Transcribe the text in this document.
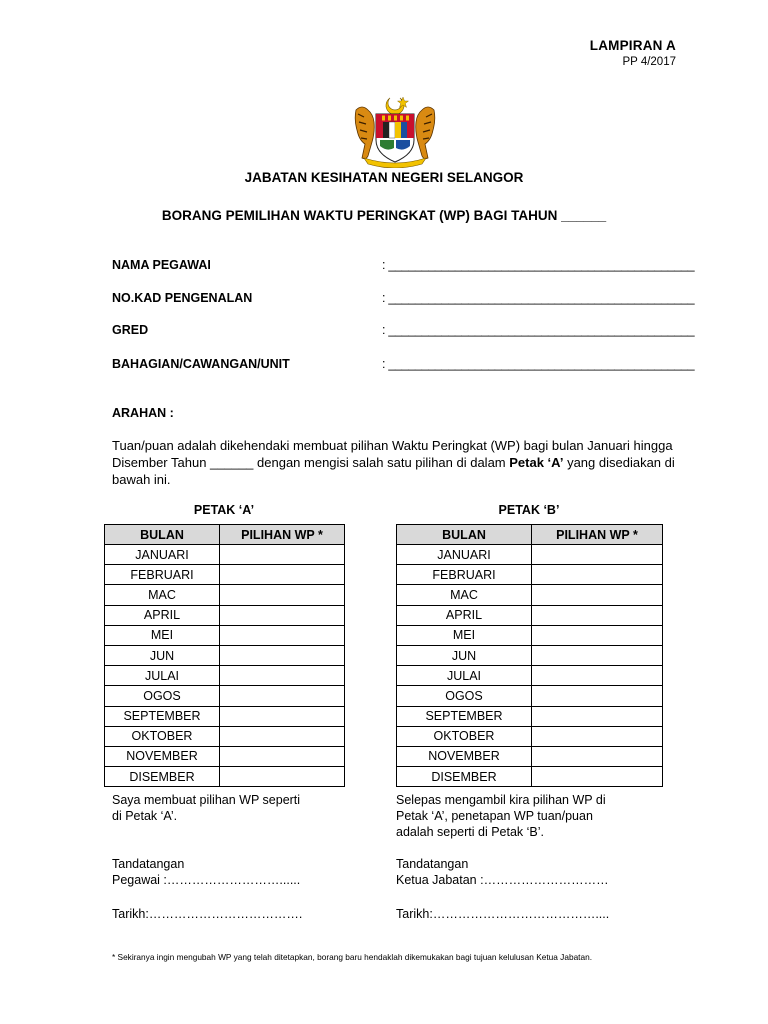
LAMPIRAN A
PP 4/2017
JABATAN KESIHATAN NEGERI SELANGOR
BORANG PEMILIHAN WAKTU PERINGKAT (WP) BAGI TAHUN ______
NAMA PEGAWAI	: ______________________________________________
NO.KAD PENGENALAN	: ______________________________________________
GRED	: ______________________________________________
BAHAGIAN/CAWANGAN/UNIT	: ______________________________________________
ARAHAN :
Tuan/puan adalah dikehendaki membuat pilihan Waktu Peringkat (WP) bagi bulan Januari hingga Disember Tahun ______ dengan mengisi salah satu pilihan di dalam Petak ‘A’ yang disediakan di bawah ini.
PETAK ‘A’	PETAK ‘B’
BULAN	PILIHAN WP *
JANUARI	
FEBRUARI	
MAC	
APRIL	
MEI	
JUN	
JULAI	
OGOS	
SEPTEMBER	
OKTOBER	
NOVEMBER	
DISEMBER	
BULAN	PILIHAN WP *
JANUARI	
FEBRUARI	
MAC	
APRIL	
MEI	
JUN	
JULAI	
OGOS	
SEPTEMBER	
OKTOBER	
NOVEMBER	
DISEMBER	
Saya membuat pilihan WP seperti
di Petak ‘A’.
Tandatangan
Pegawai :………………………......
Tarikh:……………………………….
Selepas mengambil kira pilihan WP di
Petak ‘A’, penetapan WP tuan/puan
adalah seperti di Petak ‘B’.
Tandatangan
Ketua Jabatan :…………………………
Tarikh:…………………………………....
* Sekiranya ingin mengubah WP yang telah ditetapkan, borang baru hendaklah dikemukakan bagi tujuan kelulusan Ketua Jabatan.
